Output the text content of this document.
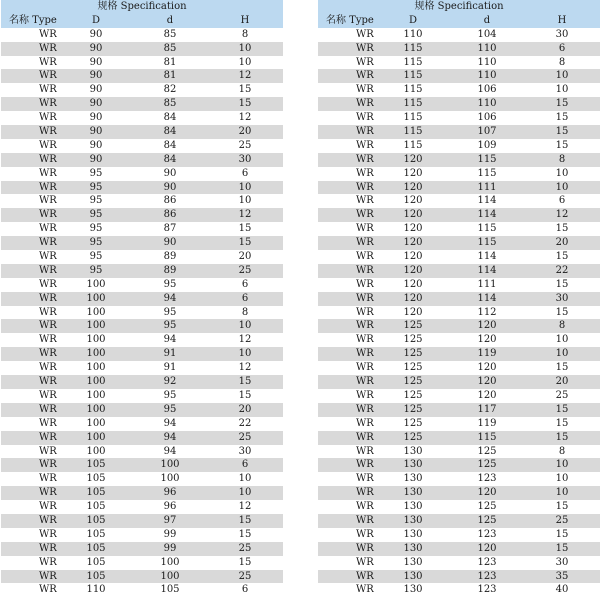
规格 Specification
名称 Type	D	d	H
WR	90	85	8
WR	90	85	10
WR	90	81	10
WR	90	81	12
WR	90	82	15
WR	90	85	15
WR	90	84	12
WR	90	84	20
WR	90	84	25
WR	90	84	30
WR	95	90	6
WR	95	90	10
WR	95	86	10
WR	95	86	12
WR	95	87	15
WR	95	90	15
WR	95	89	20
WR	95	89	25
WR	100	95	6
WR	100	94	6
WR	100	95	8
WR	100	95	10
WR	100	94	12
WR	100	91	10
WR	100	91	12
WR	100	92	15
WR	100	95	15
WR	100	95	20
WR	100	94	22
WR	100	94	25
WR	100	94	30
WR	105	100	6
WR	105	100	10
WR	105	96	10
WR	105	96	12
WR	105	97	15
WR	105	99	15
WR	105	99	25
WR	105	100	15
WR	105	100	25
WR	110	105	6
规格 Specification
名称 Type	D	d	H
WR	110	104	30
WR	115	110	6
WR	115	110	8
WR	115	110	10
WR	115	106	10
WR	115	110	15
WR	115	106	15
WR	115	107	15
WR	115	109	15
WR	120	115	8
WR	120	115	10
WR	120	111	10
WR	120	114	6
WR	120	114	12
WR	120	115	15
WR	120	115	20
WR	120	114	15
WR	120	114	22
WR	120	111	15
WR	120	114	30
WR	120	112	15
WR	125	120	8
WR	125	120	10
WR	125	119	10
WR	125	120	15
WR	125	120	20
WR	125	120	25
WR	125	117	15
WR	125	119	15
WR	125	115	15
WR	130	125	8
WR	130	125	10
WR	130	123	10
WR	130	120	10
WR	130	125	15
WR	130	125	25
WR	130	123	15
WR	130	120	15
WR	130	123	30
WR	130	123	35
WR	130	123	40
